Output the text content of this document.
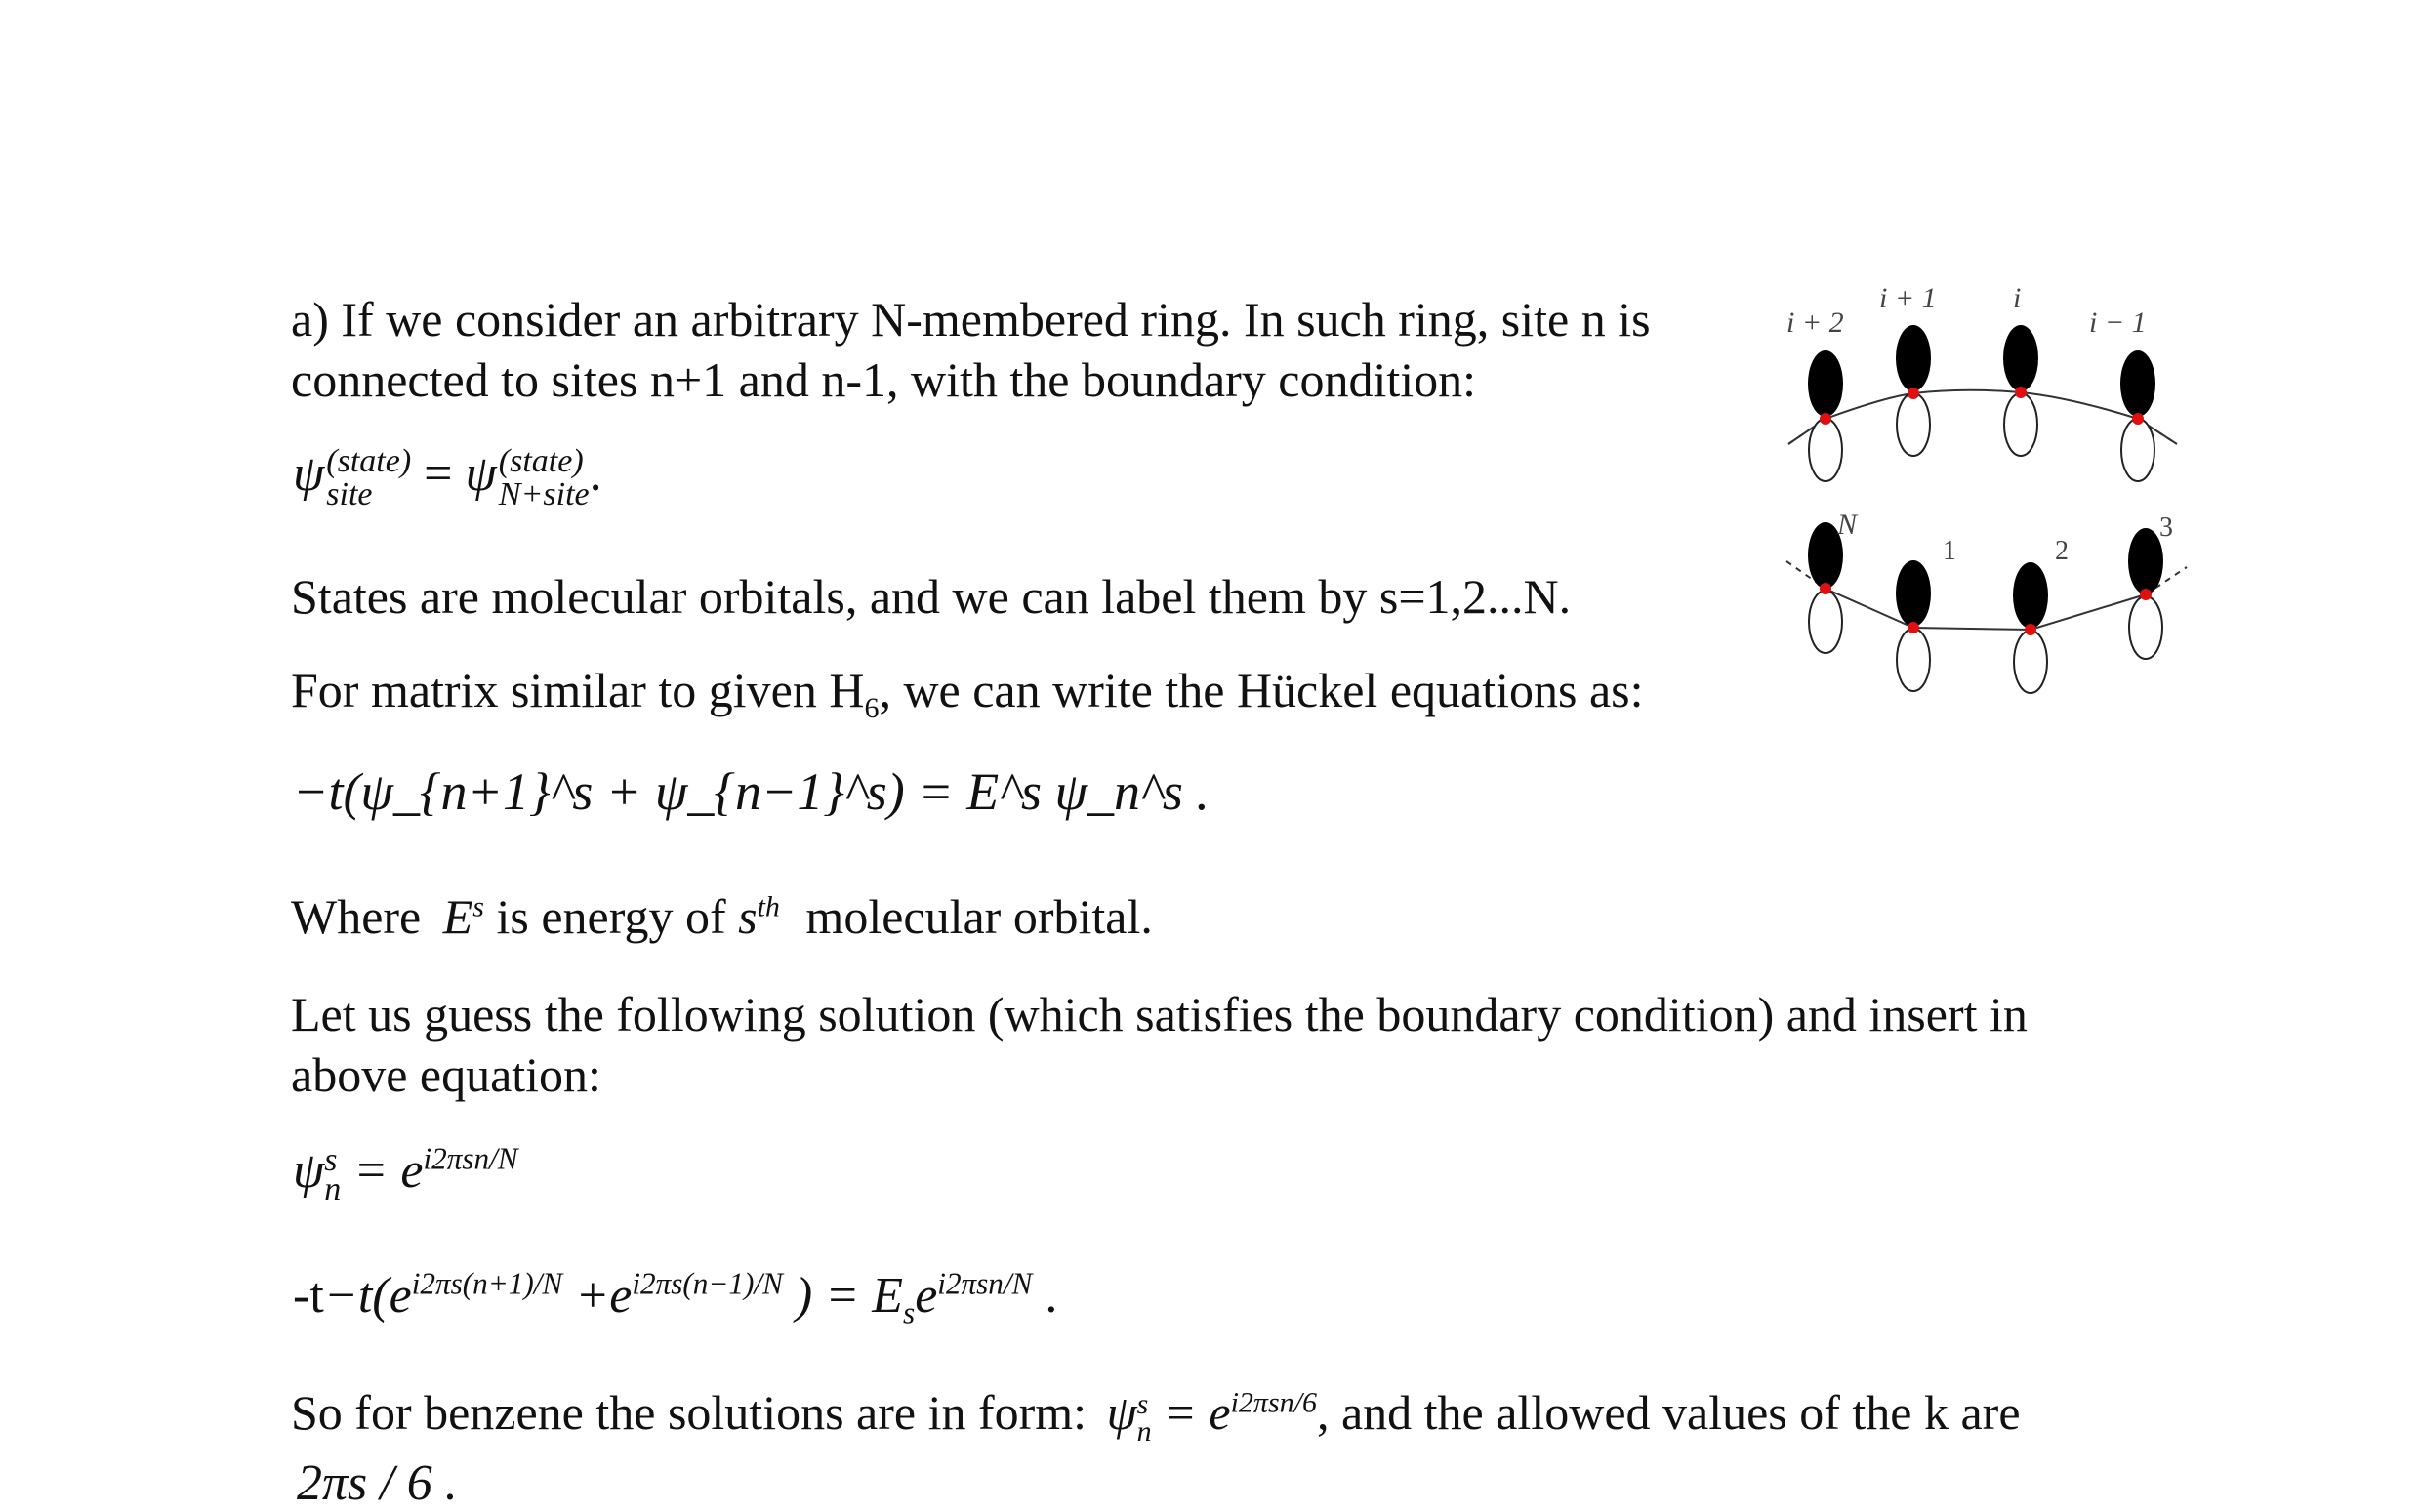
a) If we consider an arbitrary N-membered ring. In such ring, site n is
connected to sites n+1 and n-1, with the boundary condition:
ψ (state)
site	= ψ (state)
N+site .
States are molecular orbitals, and we can label them by s=1,2...N.
For matrix similar to given $H_6$, we can write the Hückel equations as:
−t(ψ_{n+1}^s + ψ_{n−1}^s) = E^s ψ_n^s .
Where $E^s$ is energy of $s^{th}$ molecular orbital.
Let us guess the following solution (which satisfies the boundary condition) and insert in
above equation:
ψ s
$n = e^{i2\pi sn/N}$
$-t-t(e^{i2\pi s(n+1)/N} +e^{i2\pi s(n-1)/N}$ ) = $E_se^{i2\pi sn/N}$ .
So for benzene the solutions are in form: ψ s
$n = e^{i2\pi sn/6}$, and the allowed values of the k are
2πs / 6 .
i + 2
i + 1	i
i − 1
N
1	2
3
